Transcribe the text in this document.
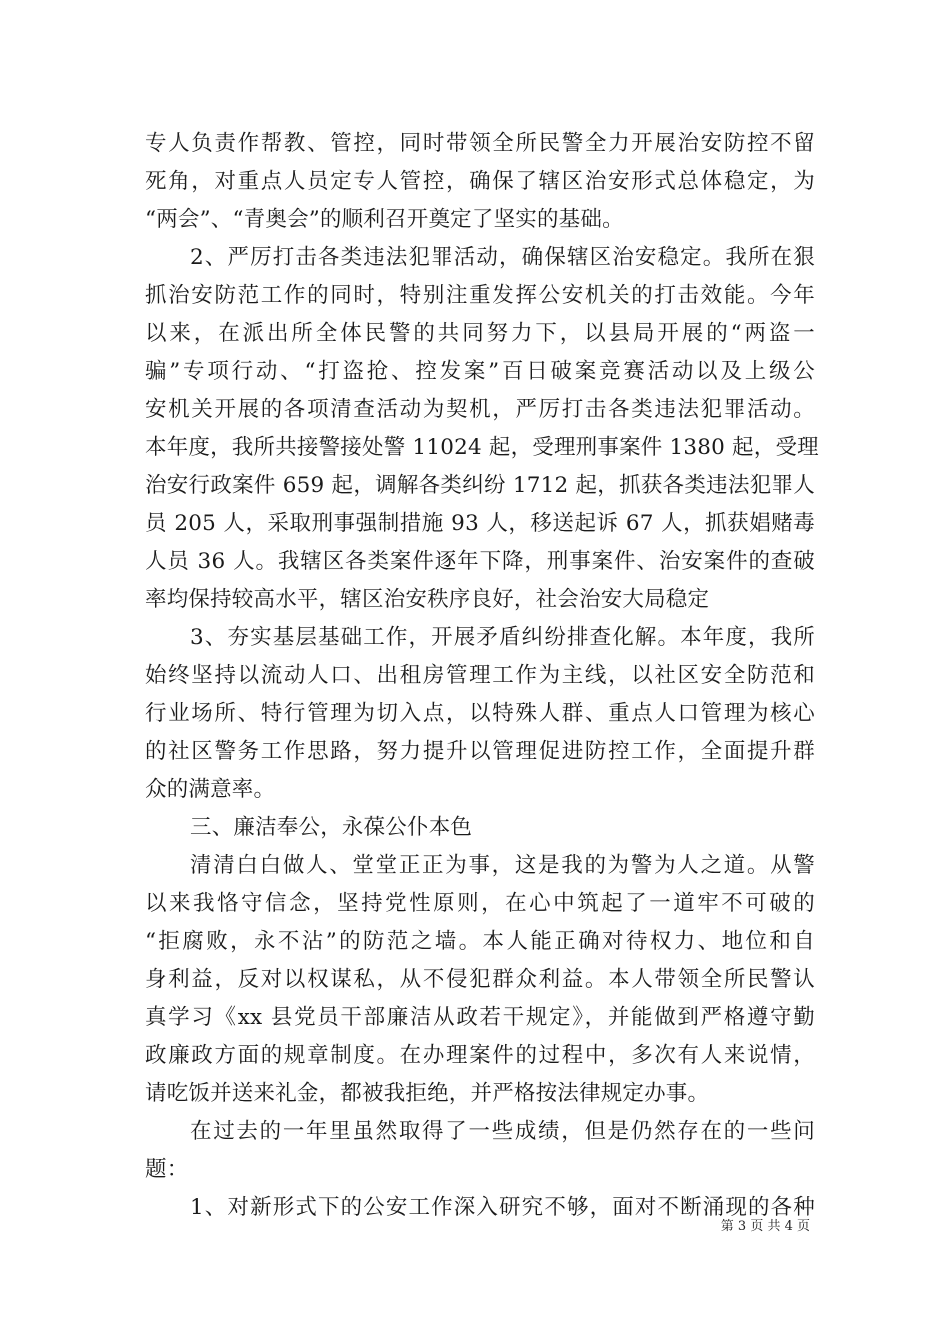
专人负责作帮教、管控，同时带领全所民警全力开展治安防控不留
死角，对重点人员定专人管控，确保了辖区治安形式总体稳定，为
“两会”、“青奥会”的顺利召开奠定了坚实的基础。
2、严厉打击各类违法犯罪活动，确保辖区治安稳定。我所在狠
抓治安防范工作的同时，特别注重发挥公安机关的打击效能。今年
以来，在派出所全体民警的共同努力下，以县局开展的“两盗一
骗”专项行动、“打盗抢、控发案”百日破案竞赛活动以及上级公
安机关开展的各项清查活动为契机，严厉打击各类违法犯罪活动。
本年度，我所共接警接处警 11024 起，受理刑事案件 1380 起，受理
治安行政案件 659 起，调解各类纠纷 1712 起，抓获各类违法犯罪人
员 205 人，采取刑事强制措施 93 人，移送起诉 67 人，抓获娼赌毒
人员 36 人。我辖区各类案件逐年下降，刑事案件、治安案件的查破
率均保持较高水平，辖区治安秩序良好，社会治安大局稳定
3、夯实基层基础工作，开展矛盾纠纷排查化解。本年度，我所
始终坚持以流动人口、出租房管理工作为主线，以社区安全防范和
行业场所、特行管理为切入点，以特殊人群、重点人口管理为核心
的社区警务工作思路，努力提升以管理促进防控工作，全面提升群
众的满意率。
三、廉洁奉公，永葆公仆本色
清清白白做人、堂堂正正为事，这是我的为警为人之道。从警
以来我恪守信念，坚持党性原则，在心中筑起了一道牢不可破的
“拒腐败，永不沾”的防范之墙。本人能正确对待权力、地位和自
身利益，反对以权谋私，从不侵犯群众利益。本人带领全所民警认
真学习《xx 县党员干部廉洁从政若干规定》，并能做到严格遵守勤
政廉政方面的规章制度。在办理案件的过程中，多次有人来说情，
请吃饭并送来礼金，都被我拒绝，并严格按法律规定办事。
在过去的一年里虽然取得了一些成绩，但是仍然存在的一些问
题：
1、对新形式下的公安工作深入研究不够，面对不断涌现的各种
第 3 页 共 4 页
